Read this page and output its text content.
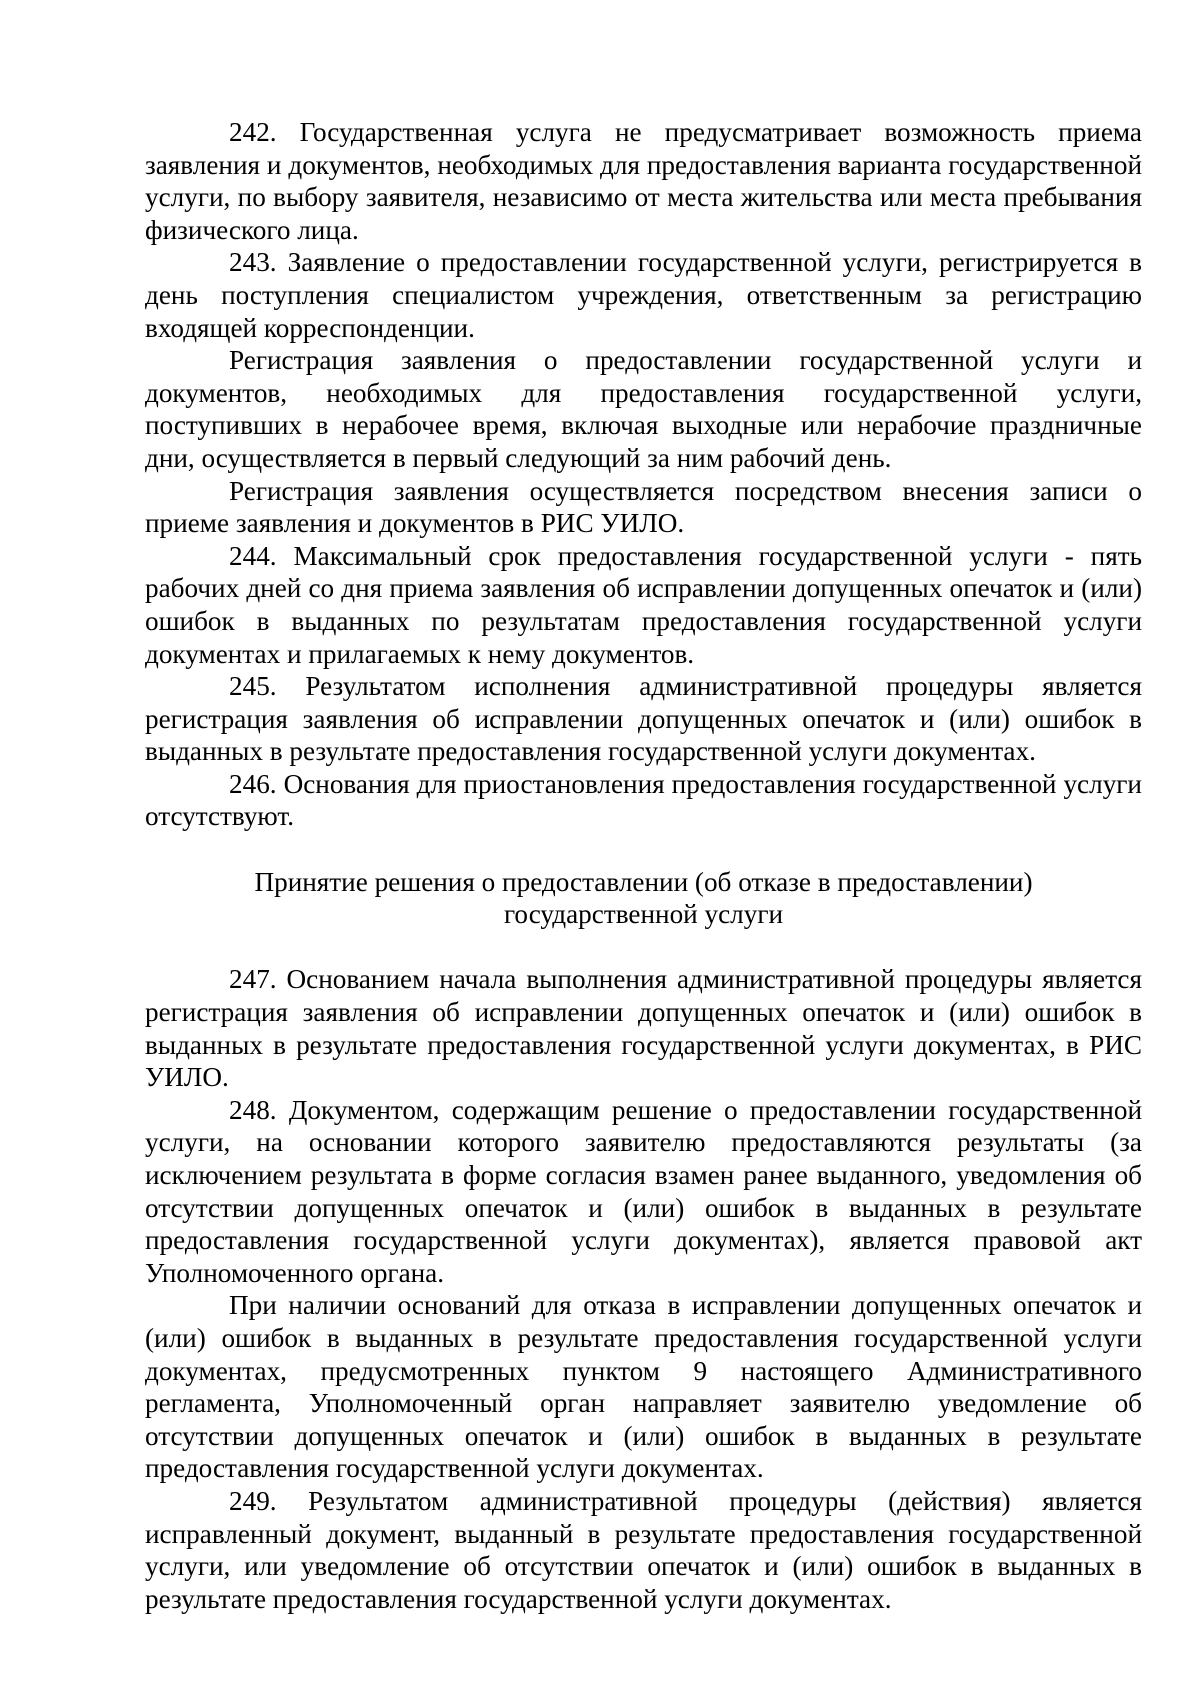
242. Государственная услуга не предусматривает возможность приема заявления и документов, необходимых для предоставления варианта государственной услуги, по выбору заявителя, независимо от места жительства или места пребывания физического лица.

243. Заявление о предоставлении государственной услуги, регистрируется в день поступления специалистом учреждения, ответственным за регистрацию входящей корреспонденции.

Регистрация заявления о предоставлении государственной услуги и документов, необходимых для предоставления государственной услуги, поступивших в нерабочее время, включая выходные или нерабочие праздничные дни, осуществляется в первый следующий за ним рабочий день.

Регистрация заявления осуществляется посредством внесения записи о приеме заявления и документов в РИС УИЛО.

244. Максимальный срок предоставления государственной услуги - пять рабочих дней со дня приема заявления об исправлении допущенных опечаток и (или) ошибок в выданных по результатам предоставления государственной услуги документах и прилагаемых к нему документов.

245. Результатом исполнения административной процедуры является регистрация заявления об исправлении допущенных опечаток и (или) ошибок в выданных в результате предоставления государственной услуги документах.

246. Основания для приостановления предоставления государственной услуги отсутствуют.

Принятие решения о предоставлении (об отказе в предоставлении)
государственной услуги

247. Основанием начала выполнения административной процедуры является регистрация заявления об исправлении допущенных опечаток и (или) ошибок в выданных в результате предоставления государственной услуги документах, в РИС УИЛО.

248. Документом, содержащим решение о предоставлении государственной услуги, на основании которого заявителю предоставляются результаты (за исключением результата в форме согласия взамен ранее выданного, уведомления об отсутствии допущенных опечаток и (или) ошибок в выданных в результате предоставления государственной услуги документах), является правовой акт Уполномоченного органа.

При наличии оснований для отказа в исправлении допущенных опечаток и (или) ошибок в выданных в результате предоставления государственной услуги документах, предусмотренных пунктом 9 настоящего Административного регламента, Уполномоченный орган направляет заявителю уведомление об отсутствии допущенных опечаток и (или) ошибок в выданных в результате предоставления государственной услуги документах.

249. Результатом административной процедуры (действия) является исправленный документ, выданный в результате предоставления государственной услуги, или уведомление об отсутствии опечаток и (или) ошибок в выданных в результате предоставления государственной услуги документах.
